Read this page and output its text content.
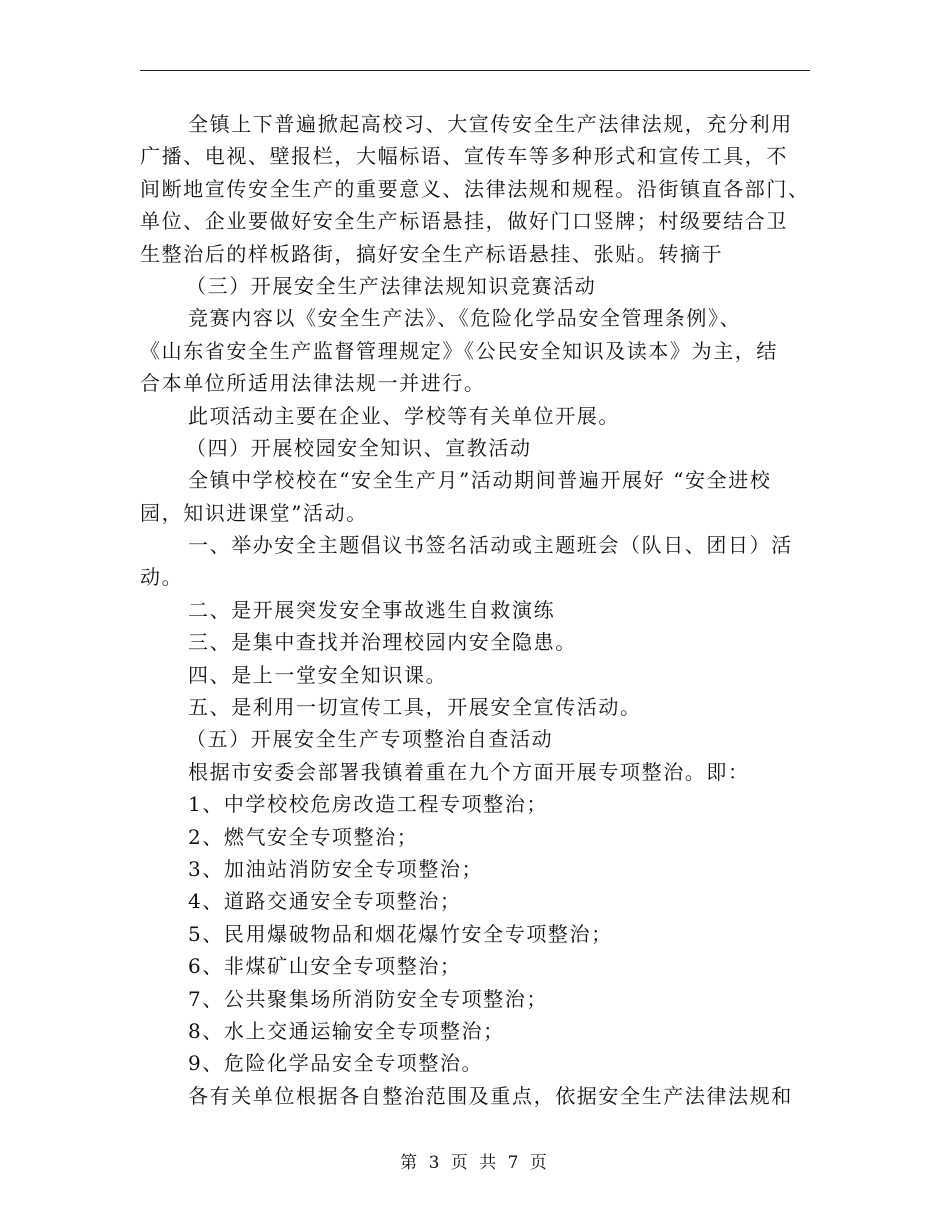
全镇上下普遍掀起高校习、大宣传安全生产法律法规，充分利用
广播、电视、壁报栏，大幅标语、宣传车等多种形式和宣传工具，不
间断地宣传安全生产的重要意义、法律法规和规程。沿街镇直各部门、
单位、企业要做好安全生产标语悬挂，做好门口竖牌；村级要结合卫
生整治后的样板路街，搞好安全生产标语悬挂、张贴。转摘于
（三）开展安全生产法律法规知识竞赛活动
竞赛内容以《安全生产法》、《危险化学品安全管理条例》、
《山东省安全生产监督管理规定》《公民安全知识及读本》为主，结
合本单位所适用法律法规一并进行。
此项活动主要在企业、学校等有关单位开展。
（四）开展校园安全知识、宣教活动
全镇中学校校在“安全生产月”活动期间普遍开展好 “安全进校
园，知识进课堂”活动。
一、举办安全主题倡议书签名活动或主题班会（队日、团日）活
动。
二、是开展突发安全事故逃生自救演练
三、是集中查找并治理校园内安全隐患。
四、是上一堂安全知识课。
五、是利用一切宣传工具，开展安全宣传活动。
（五）开展安全生产专项整治自查活动
根据市安委会部署我镇着重在九个方面开展专项整治。即：
1、中学校校危房改造工程专项整治；
2、燃气安全专项整治；
3、加油站消防安全专项整治；
4、道路交通安全专项整治；
5、民用爆破物品和烟花爆竹安全专项整治；
6、非煤矿山安全专项整治；
7、公共聚集场所消防安全专项整治；
8、水上交通运输安全专项整治；
9、危险化学品安全专项整治。
各有关单位根据各自整治范围及重点，依据安全生产法律法规和
第 3 页 共 7 页
